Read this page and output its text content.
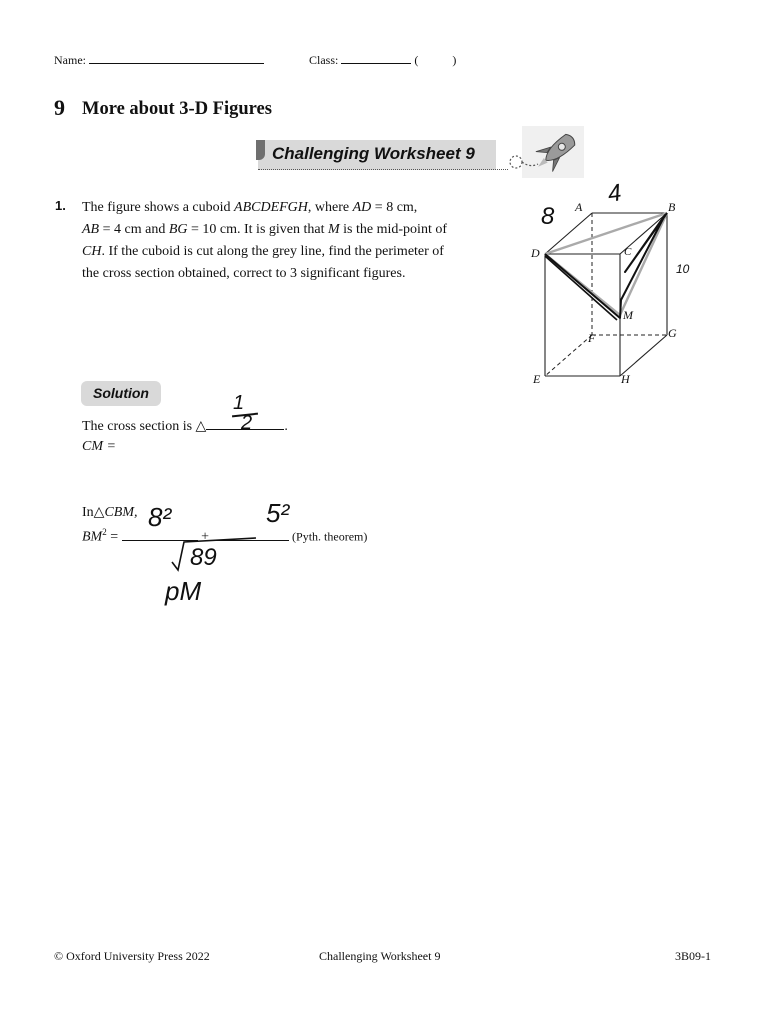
Name:	Class:	(	)
9 More about 3-D Figures
Challenging Worksheet 9
1. The figure shows a cuboid ABCDEFGH, where AD = 8 cm,
AB = 4 cm and BG = 10 cm. It is given that M is the mid-point of
CH. If the cuboid is cut along the grey line, find the perimeter of
the cross section obtained, correct to 3 significant figures.
A	B
D	C
M
G
F
E	H
4
8
10
Solution
The cross section is △	.
1
2
CM =
In△CBM,
$BM^2$ =	+	(Pyth. theorem)
8²	5²
89
pM
© Oxford University Press 2022	Challenging Worksheet 9	3B09-1
